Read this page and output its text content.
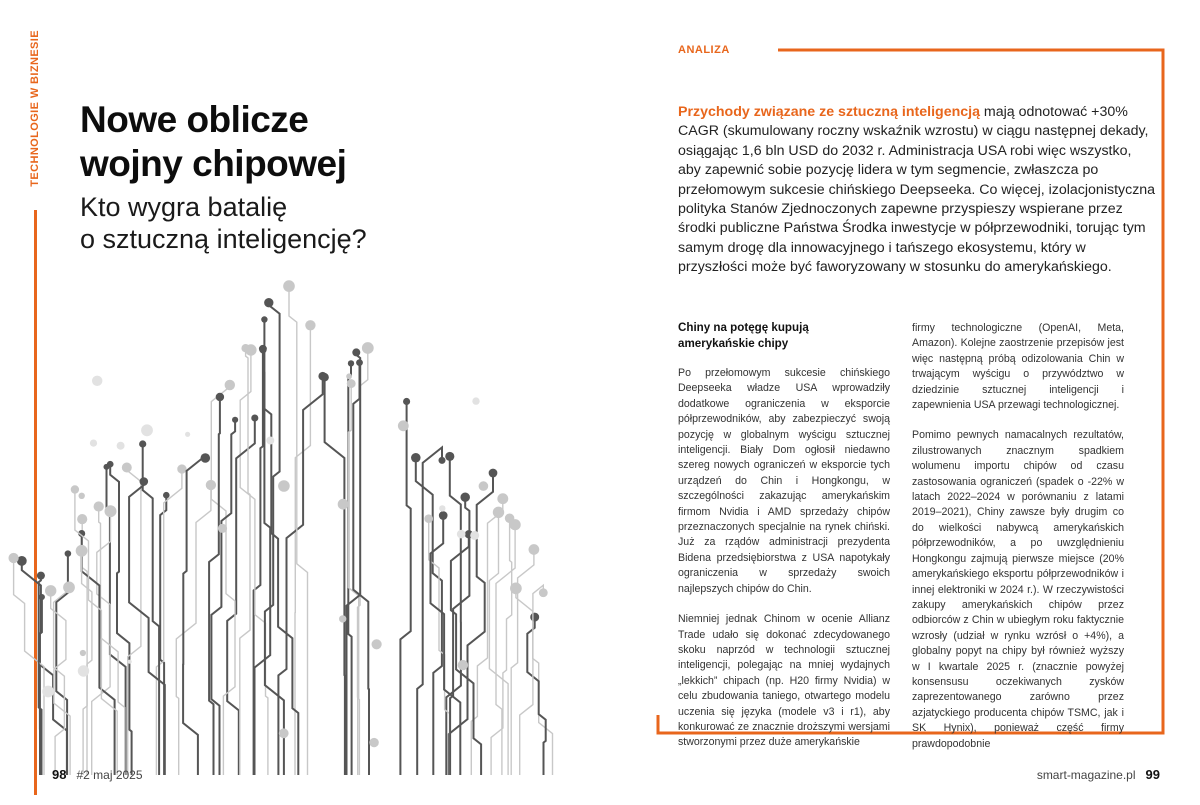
TECHNOLOGIE W BIZNESIE Nowe oblicze
wojny chipowej
Kto wygra batalię
o sztuczną inteligencję?
98 #2 maj 2025
ANALIZA

Przychody związane ze sztuczną inteligencją mają odnotować +30% CAGR (skumulowany roczny wskaźnik wzrostu) w ciągu następnej dekady, osiągając 1,6 bln USD do 2032 r. Administracja USA robi więc wszystko, aby zapewnić sobie pozycję lidera w tym segmencie, zwłaszcza po przełomowym sukcesie chińskiego Deepseeka. Co więcej, izolacjonistyczna polityka Stanów Zjednoczonych zapewne przyspieszy wspierane przez środki publiczne Państwa Środka inwestycje w półprzewodniki, torując tym samym drogę dla innowacyjnego i tańszego ekosystemu, który w przyszłości może być faworyzowany w stosunku do amerykańskiego.

Chiny na potęgę kupują
amerykańskie chipy

Po przełomowym sukcesie chińskiego Deepseeka władze USA wprowadziły dodatkowe ograniczenia w eksporcie półprzewodników, aby zabezpieczyć swoją pozycję w globalnym wyścigu sztucznej inteligencji. Biały Dom ogłosił niedawno szereg nowych ograniczeń w eksporcie tych urządzeń do Chin i Hongkongu, w szczególności zakazując amerykańskim firmom Nvidia i AMD sprzedaży chipów przeznaczonych specjalnie na rynek chiński. Już za rządów administracji prezydenta Bidena przedsiębiorstwa z USA napotykały ograniczenia w sprzedaży swoich najlepszych chipów do Chin.

Niemniej jednak Chinom w ocenie Allianz Trade udało się dokonać zdecydowanego skoku naprzód w technologii sztucznej inteligencji, polegając na mniej wydajnych „lekkich” chipach (np. H20 firmy Nvidia) w celu zbudowania taniego, otwartego modelu uczenia się języka (modele v3 i r1), aby konkurować ze znacznie droższymi wersjami stworzonymi przez duże amerykańskie

firmy technologiczne (OpenAI, Meta, Amazon). Kolejne zaostrzenie przepisów jest więc następną próbą odizolowania Chin w trwającym wyścigu o przywództwo w dziedzinie sztucznej inteligencji i zapewnienia USA przewagi technologicznej.

Pomimo pewnych namacalnych rezultatów, zilustrowanych znacznym spadkiem wolumenu importu chipów od czasu zastosowania ograniczeń (spadek o -22% w latach 2022–2024 w porównaniu z latami 2019–2021), Chiny zawsze były drugim co do wielkości nabywcą amerykańskich półprzewodników, a po uwzględnieniu Hongkongu zajmują pierwsze miejsce (20% amerykańskiego eksportu półprzewodników i innej elektroniki w 2024 r.). W rzeczywistości zakupy amerykańskich chipów przez odbiorców z Chin w ubiegłym roku faktycznie wzrosły (udział w rynku wzrósł o +4%), a globalny popyt na chipy był również wyższy w I kwartale 2025 r. (znacznie powyżej konsensusu oczekiwanych zysków zaprezentowanego zarówno przez azjatyckiego producenta chipów TSMC, jak i SK Hynix), ponieważ część firmy prawdopodobnie

smart-magazine.pl 99
